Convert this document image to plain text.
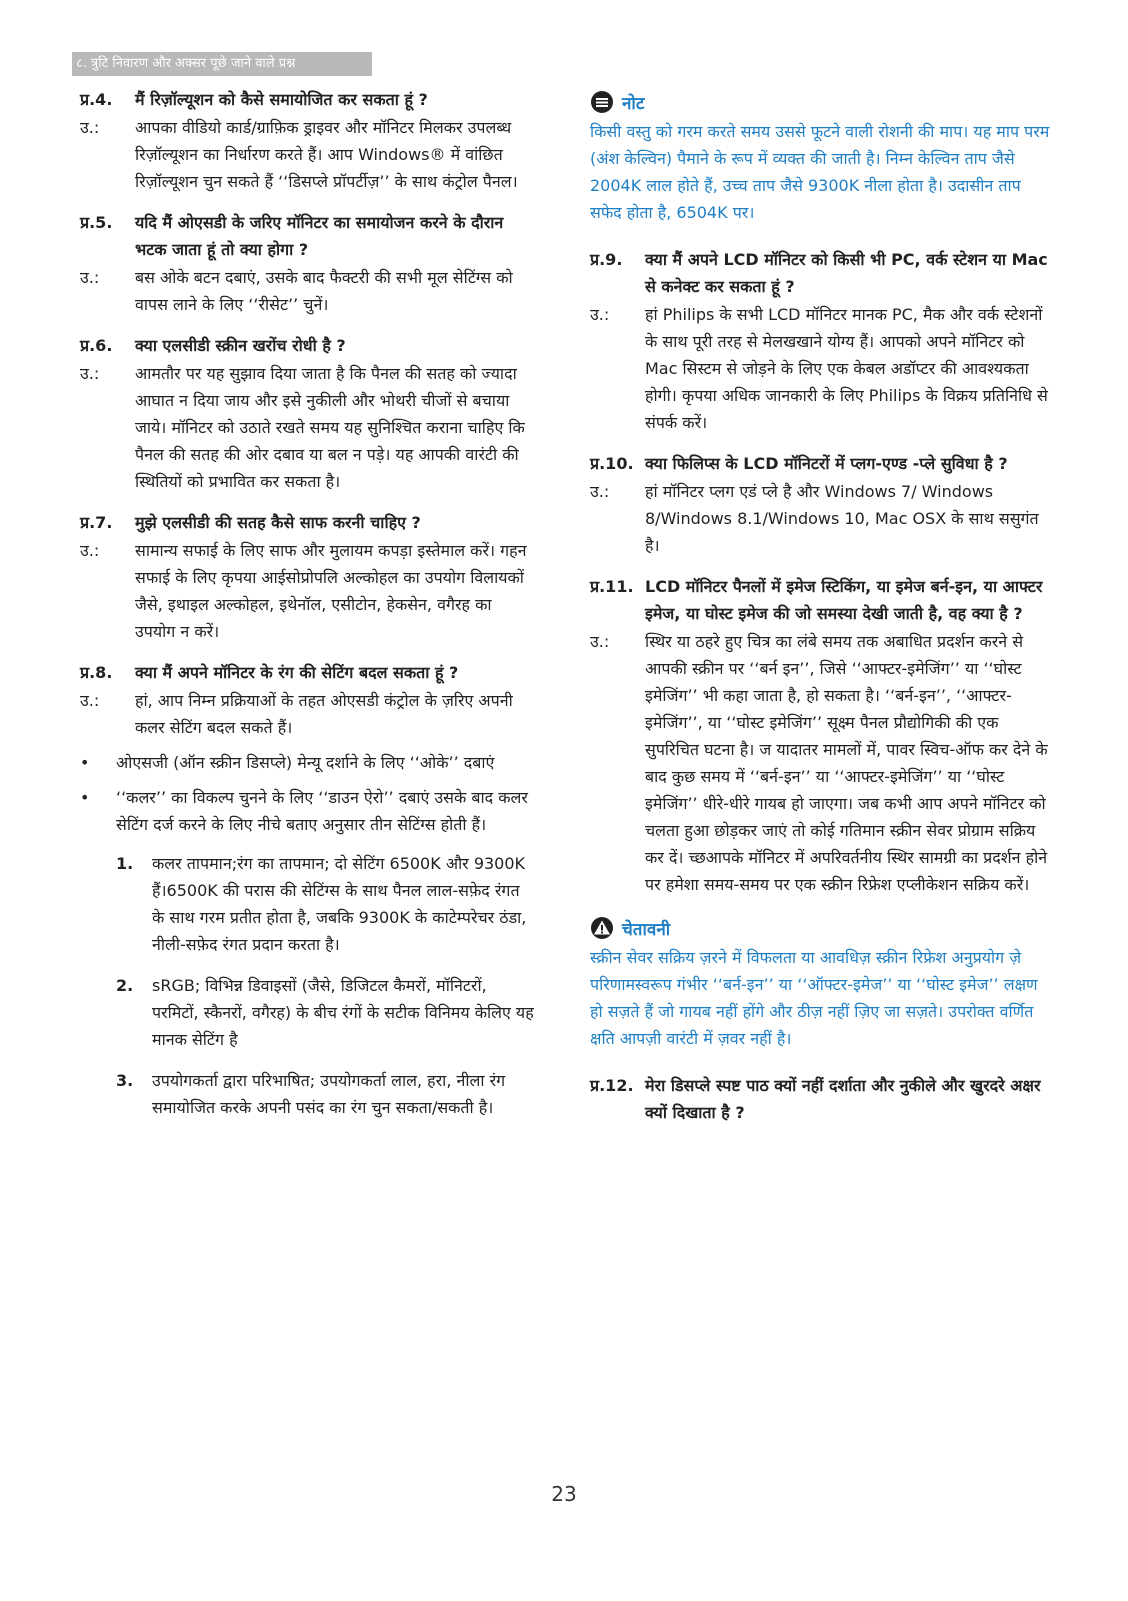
८. त्रुटि निवारण और अक्सर पूछे जाने वाले प्रश्न
प्र.4.	मैं रिज़ॉल्यूशन को कैसे समायोजित कर सकता हूं ?
उ.:	आपका वीडियो कार्ड/ग्राफ़िक ड्राइवर और मॉनिटर मिलकर उपलब्ध रिज़ॉल्यूशन का निर्धारण करते हैं। आप Windows® में वांछित रिज़ॉल्यूशन चुन सकते हैं ‘‘डिसप्ले प्रॉपर्टीज़’’ के साथ कंट्रोल पैनल।
प्र.5.	यदि मैं ओएसडी के जरिए मॉनिटर का समायोजन करने के दौरान भटक जाता हूं तो क्या होगा ?
उ.:	बस ओके बटन दबाएं, उसके बाद फैक्टरी की सभी मूल सेटिंग्स को वापस लाने के लिए ‘‘रीसेट’’ चुनें।
प्र.6.	क्या एलसीडी स्क्रीन खरोंच रोधी है ?
उ.:	आमतौर पर यह सुझाव दिया जाता है कि पैनल की सतह को ज्यादा आघात न दिया जाय और इसे नुकीली और भोथरी चीजों से बचाया जाये। मॉनिटर को उठाते रखते समय यह सुनिश्चित कराना चाहिए कि पैनल की सतह की ओर दबाव या बल न पड़े। यह आपकी वारंटी की स्थितियों को प्रभावित कर सकता है।
प्र.7.	मुझे एलसीडी की सतह कैसे साफ करनी चाहिए ?
उ.:	सामान्य सफाई के लिए साफ और मुलायम कपड़ा इस्तेमाल करें। गहन सफाई के लिए कृपया आईसोप्रोपलि अल्कोहल का उपयोग विलायकों जैसे, इथाइल अल्कोहल, इथेनॉल, एसीटोन, हेकसेन, वगैरह का उपयोग न करें।
प्र.8.	क्या मैं अपने मॉनिटर के रंग की सेटिंग बदल सकता हूं ?
उ.:	हां, आप निम्न प्रक्रियाओं के तहत ओएसडी कंट्रोल के ज़रिए अपनी कलर सेटिंग बदल सकते हैं।
•	ओएसजी (ऑन स्क्रीन डिसप्ले) मेन्यू दर्शाने के लिए ‘‘ओके’’ दबाएं
•	‘‘कलर’’ का विकल्प चुनने के लिए ‘‘डाउन ऐरो’’ दबाएं उसके बाद कलर सेटिंग दर्ज करने के लिए नीचे बताए अनुसार तीन सेटिंग्स होती हैं।
1.	कलर तापमान;रंग का तापमान; दो सेटिंग 6500K और 9300K हैं।6500K की परास की सेटिंग्स के साथ पैनल लाल-सफ़ेद रंगत के साथ गरम प्रतीत होता है, जबकि 9300K के काटेम्परेचर ठंडा, नीली-सफ़ेद रंगत प्रदान करता है।
2.	sRGB; विभिन्न डिवाइसों (जैसे, डिजिटल कैमरों, मॉनिटरों, परमिटों, स्कैनरों, वगैरह) के बीच रंगों के सटीक विनिमय केलिए यह मानक सेटिंग है
3.	उपयोगकर्ता द्वारा परिभाषित; उपयोगकर्ता लाल, हरा, नीला रंग समायोजित करके अपनी पसंद का रंग चुन सकता/सकती है।
नोट
किसी वस्तु को गरम करते समय उससे फूटने वाली रोशनी की माप। यह माप परम (अंश केल्विन) पैमाने के रूप में व्यक्त की जाती है। निम्न केल्विन ताप जैसे 2004K लाल होते हैं, उच्च ताप जैसे 9300K नीला होता है। उदासीन ताप सफेद होता है, 6504K पर।
प्र.9.	क्या मैं अपने LCD मॉनिटर को किसी भी PC, वर्क स्टेशन या Mac से कनेक्ट कर सकता हूं ?
उ.:	हां Philips के सभी LCD मॉनिटर मानक PC, मैक और वर्क स्टेशनों के साथ पूरी तरह से मेलखखाने योग्य हैं। आपको अपने मॉनिटर को Mac सिस्टम से जोड़ने के लिए एक केबल अडॉप्टर की आवश्यकता होगी। कृपया अधिक जानकारी के लिए Philips के विक्रय प्रतिनिधि से संपर्क करें।
प्र.10. क्या फिलिप्स के LCD मॉनिटरों में प्लग-एण्ड -प्ले सुविधा है ?
उ.:	हां मॉनिटर प्लग एडं प्ले है और Windows 7/ Windows 8/Windows 8.1/Windows 10, Mac OSX के साथ ससुगंत है।
प्र.11. LCD मॉनिटर पैनलों में इमेज स्टिकिंग, या इमेज बर्न-इन, या आफ्टर इमेज, या घोस्ट इमेज की जो समस्या देखी जाती है, वह क्या है ?
उ.:	स्थिर या ठहरे हुए चित्र का लंबे समय तक अबाधित प्रदर्शन करने से आपकी स्क्रीन पर ‘‘बर्न इन’’, जिसे ‘‘आफ्टर-इमेजिंग’’ या ‘‘घोस्ट इमेजिंग’’ भी कहा जाता है, हो सकता है। ‘‘बर्न-इन’’, ‘‘आफ्टर-इमेजिंग’’, या ‘‘घोस्ट इमेजिंग’’ सूक्ष्म पैनल प्रौद्योगिकी की एक सुपरिचित घटना है। ज यादातर मामलों में, पावर स्विच-ऑफ कर देने के बाद कुछ समय में ‘‘बर्न-इन’’ या ‘‘आफ्टर-इमेजिंग’’ या ‘‘घोस्ट इमेजिंग’’ धीरे-धीरे गायब हो जाएगा। जब कभी आप अपने मॉनिटर को चलता हुआ छोड़कर जाएं तो कोई गतिमान स्क्रीन सेवर प्रोग्राम सक्रिय कर दें। च्छआपके मॉनिटर में अपरिवर्तनीय स्थिर सामग्री का प्रदर्शन होने पर हमेशा समय-समय पर एक स्क्रीन रिफ्रेश एप्लीकेशन सक्रिय करें।
चेतावनी
स्क्रीन सेवर सक्रिय ज़रने में विफलता या आवधिज़ स्क्रीन रिफ्रेश अनुप्रयोग ज़े परिणामस्वरूप गंभीर ‘‘बर्न-इन’’ या ‘‘ऑफ्टर-इमेज’’ या ‘‘घोस्ट इमेज’’ लक्षण हो सज़ते हैं जो गायब नहीं होंगे और ठीज़ नहीं ज़िए जा सज़ते। उपरोक्त वर्णित क्षति आपज़ी वारंटी में ज़वर नहीं है।
प्र.12. मेरा डिसप्ले स्पष्ट पाठ क्यों नहीं दर्शाता और नुकीले और खुरदरे अक्षर क्यों दिखाता है ?
23
